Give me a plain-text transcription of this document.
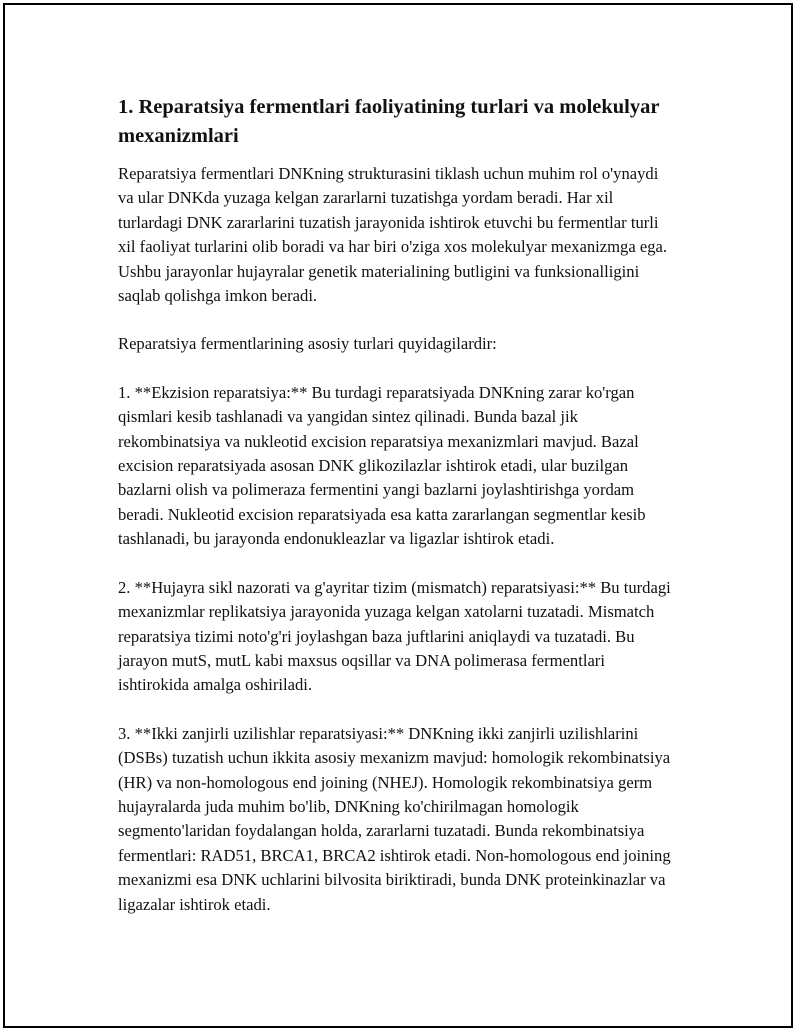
1. Reparatsiya fermentlari faoliyatining turlari va molekulyar mexanizmlari

Reparatsiya fermentlari DNKning strukturasini tiklash uchun muhim rol o'ynaydi va ular DNKda yuzaga kelgan zararlarni tuzatishga yordam beradi. Har xil turlardagi DNK zararlarini tuzatish jarayonida ishtirok etuvchi bu fermentlar turli xil faoliyat turlarini olib boradi va har biri o'ziga xos molekulyar mexanizmga ega. Ushbu jarayonlar hujayralar genetik materialining butligini va funksionalligini saqlab qolishga imkon beradi.

Reparatsiya fermentlarining asosiy turlari quyidagilardir:

1. **Ekzision reparatsiya:** Bu turdagi reparatsiyada DNKning zarar ko'rgan qismlari kesib tashlanadi va yangidan sintez qilinadi. Bunda bazal jik rekombinatsiya va nukleotid excision reparatsiya mexanizmlari mavjud. Bazal excision reparatsiyada asosan DNK glikozilazlar ishtirok etadi, ular buzilgan bazlarni olish va polimeraza fermentini yangi bazlarni joylashtirishga yordam beradi. Nukleotid excision reparatsiyada esa katta zararlangan segmentlar kesib tashlanadi, bu jarayonda endonukleazlar va ligazlar ishtirok etadi.

2. **Hujayra sikl nazorati va g'ayritar tizim (mismatch) reparatsiyasi:** Bu turdagi mexanizmlar replikatsiya jarayonida yuzaga kelgan xatolarni tuzatadi. Mismatch reparatsiya tizimi noto'g'ri joylashgan baza juftlarini aniqlaydi va tuzatadi. Bu jarayon mutS, mutL kabi maxsus oqsillar va DNA polimerasa fermentlari ishtirokida amalga oshiriladi.

3. **Ikki zanjirli uzilishlar reparatsiyasi:** DNKning ikki zanjirli uzilishlarini (DSBs) tuzatish uchun ikkita asosiy mexanizm mavjud: homologik rekombinatsiya (HR) va non-homologous end joining (NHEJ). Homologik rekombinatsiya germ hujayralarda juda muhim bo'lib, DNKning ko'chirilmagan homologik segmento'laridan foydalangan holda, zararlarni tuzatadi. Bunda rekombinatsiya fermentlari: RAD51, BRCA1, BRCA2 ishtirok etadi. Non-homologous end joining mexanizmi esa DNK uchlarini bilvosita biriktiradi, bunda DNK proteinkinazlar va ligazalar ishtirok etadi.
